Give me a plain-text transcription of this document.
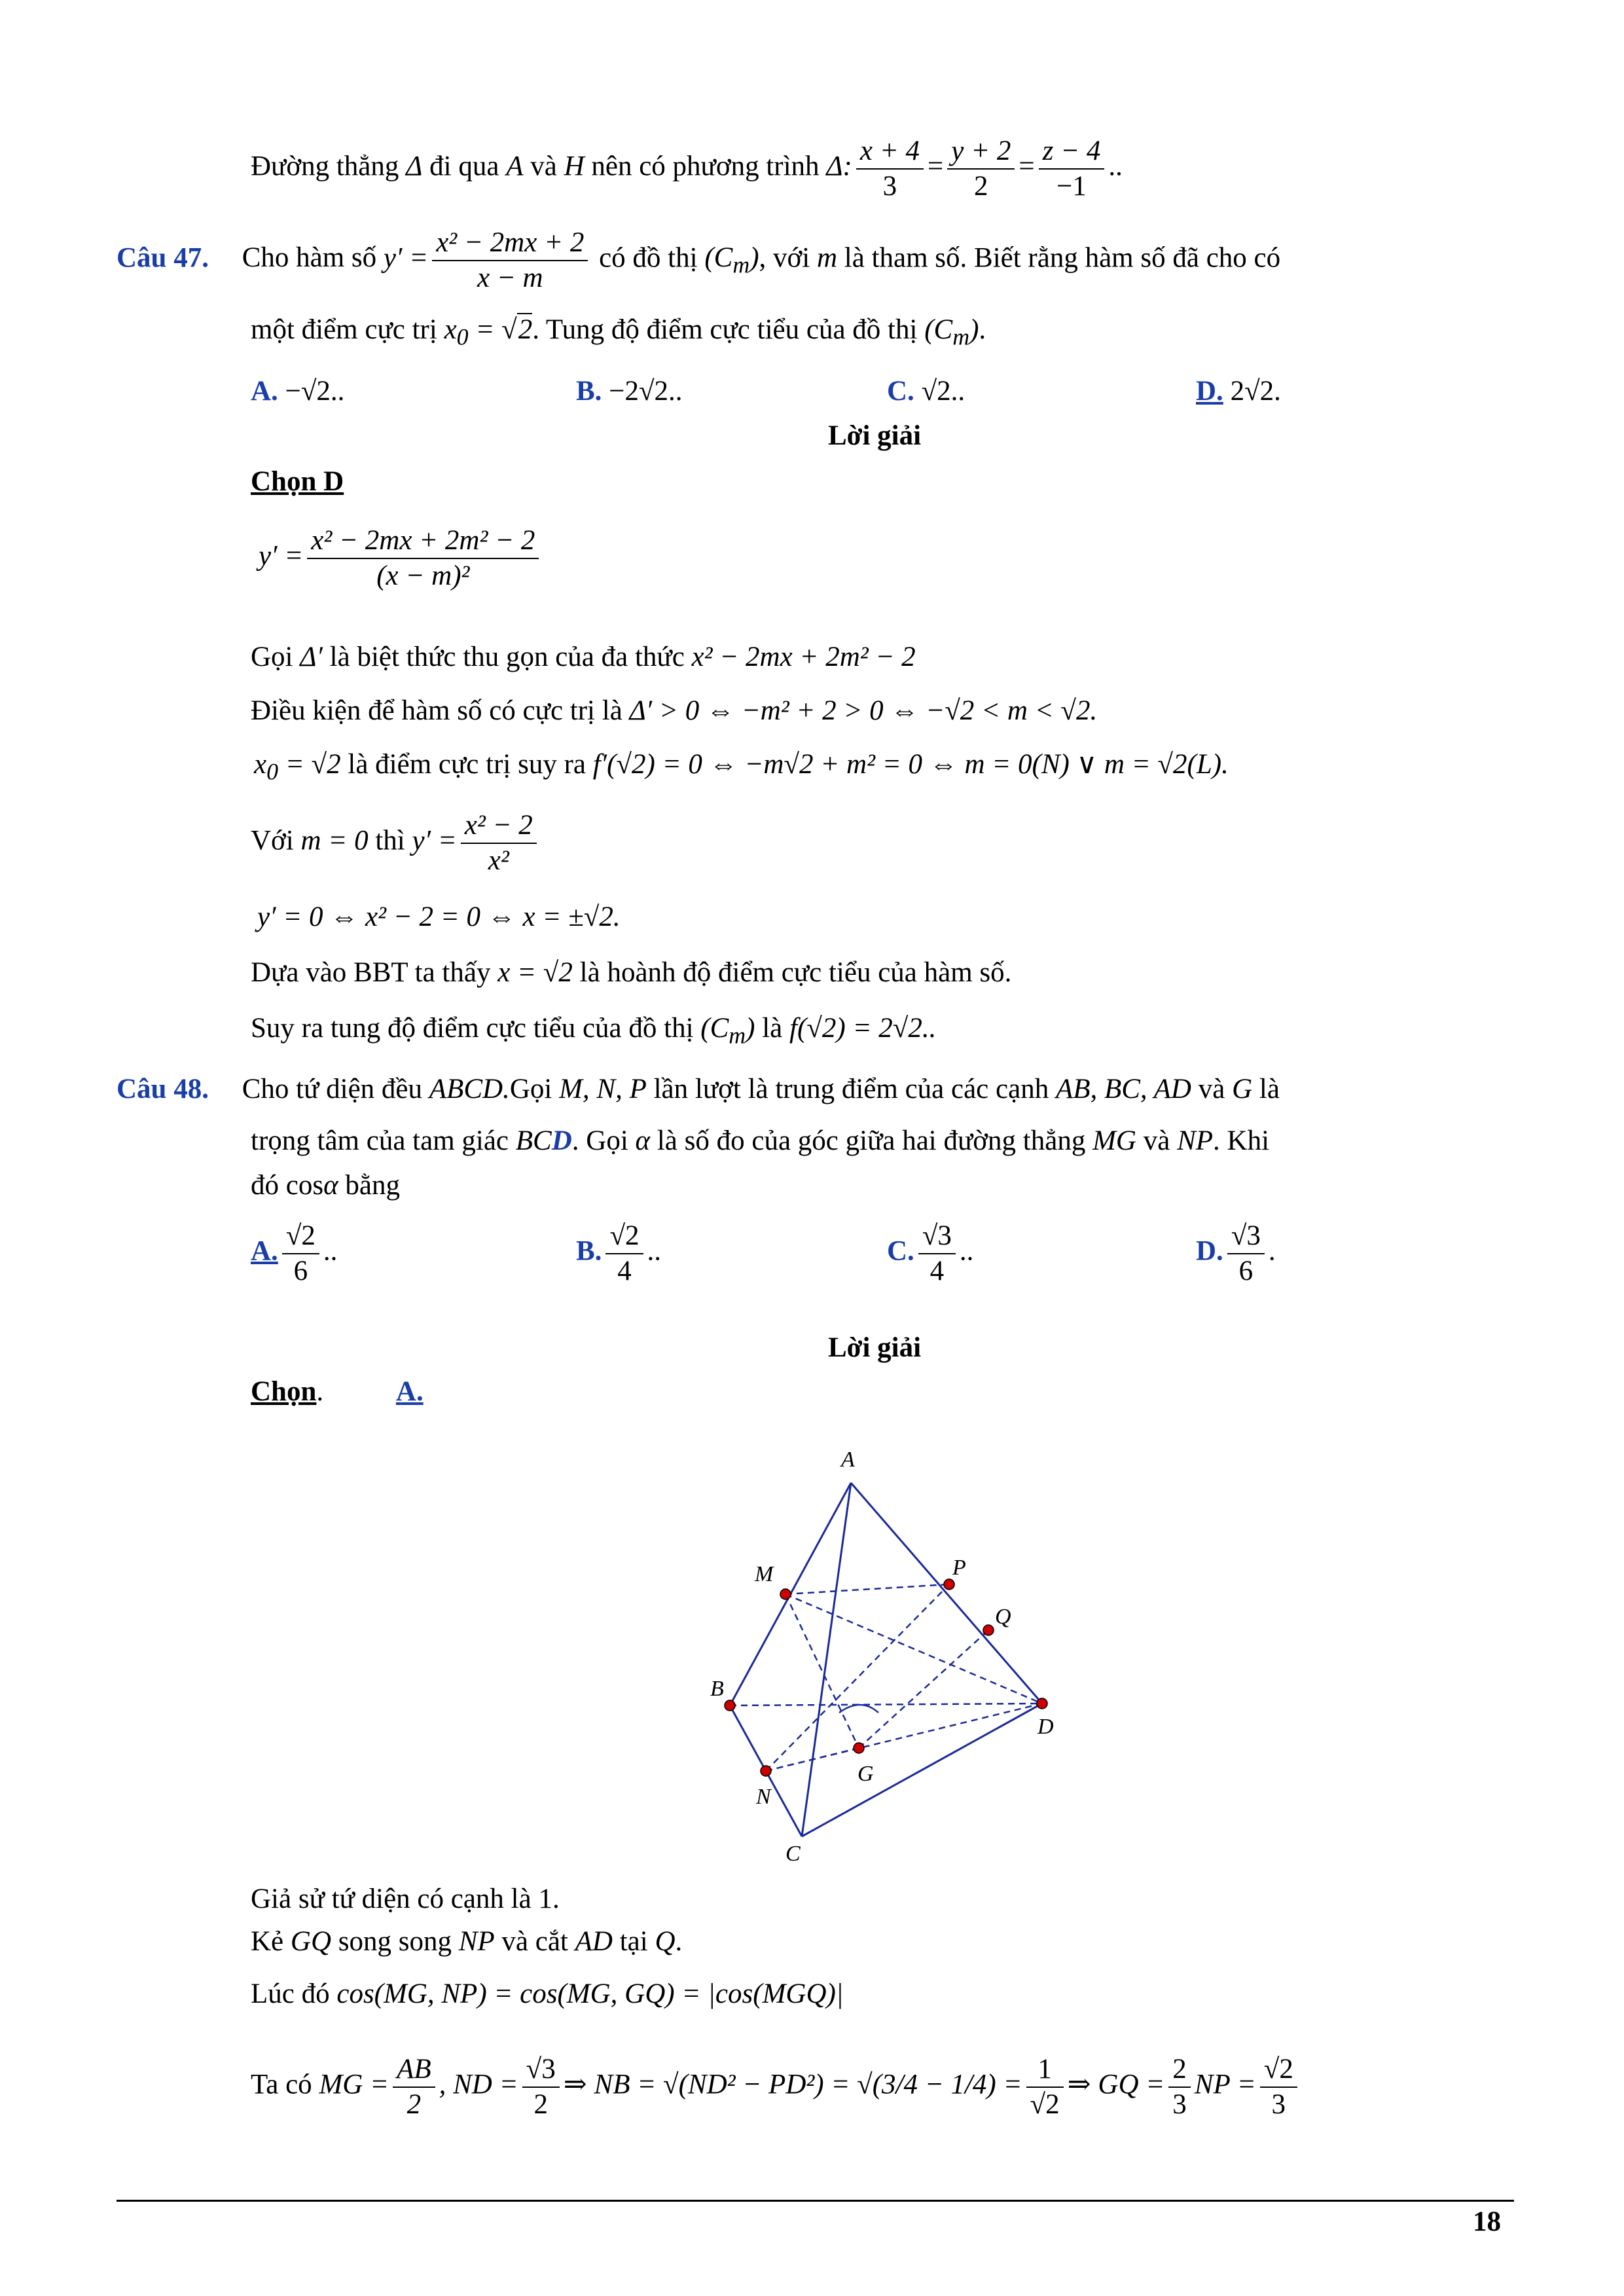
Đường thẳng Δ đi qua A và H nên có phương trình Δ: $\frac{x + 4}{3} = \frac{y + 2}{2} = \frac{z - 4}{-1}$ ..
Câu 47. Cho hàm số $y' = \frac{\text{x² − 2mx + 2}}{x - m}$ có đồ thị $(C_m)$, với m là tham số. Biết rằng hàm số đã cho có
một điểm cực trị $x_0 = √2$. Tung độ điểm cực tiểu của đồ thị $(C_m)$.
A. −√2..	B. −2√2..	C. √2..	D. 2√2.
Lời giải
Chọn D
$y' = \frac{\text{x² − 2mx + 2m² − 2}}{\text{(x − m)²}}$
Gọi Δ′ là biệt thức thu gọn của đa thức x² − 2mx + 2m² − 2
Điều kiện để hàm số có cực trị là Δ′ > 0 ⇔ −m² + 2 > 0 ⇔ −√2 < m < √2.
$x_0 = √2$ là điểm cực trị suy ra f′(√2) = 0 ⇔ −m√2 + m² = 0 ⇔ m = 0(N) ∨ m = √2(L).
Với m = 0 thì $y' = \frac{\text{x² − 2}}{\text{x²}}$
y′ = 0 ⇔ x² − 2 = 0 ⇔ x = ±√2.
Dựa vào BBT ta thấy x = √2 là hoành độ điểm cực tiểu của hàm số.
Suy ra tung độ điểm cực tiểu của đồ thị $(C_m)$ là f(√2) = 2√2..
Câu 48. Cho tứ diện đều ABCD.Gọi M, N, P lần lượt là trung điểm của các cạnh AB, BC, AD và G là
trọng tâm của tam giác BCD. Gọi α là số đo của góc giữa hai đường thẳng MG và NP. Khi
đó cosα bằng
A. $\frac{√2}{6}$ ..	B. $\frac{√2}{4}$ ..	C. $\frac{√3}{4}$ ..	D. $\frac{√3}{6}$ .
Lời giải
Chọn.	A.
A
B
C
D
M
N
P
Q
G
Giả sử tứ diện có cạnh là 1.
Kẻ GQ song song NP và cắt AD tại Q.
Lúc đó cos(MG, NP) = cos(MG, GQ) = |cos(MGQ)|
Ta có MG = $\frac{AB}{2}$ , ND = $\frac{√3}{2}$ ⇒ NB = $√(ND^2 - PD^2) = √(3/4 - 1/4) = \frac{1}{√2}$ ⇒ GQ = $\frac{2}{3}$ NP = $\frac{√2}{3}$
18
